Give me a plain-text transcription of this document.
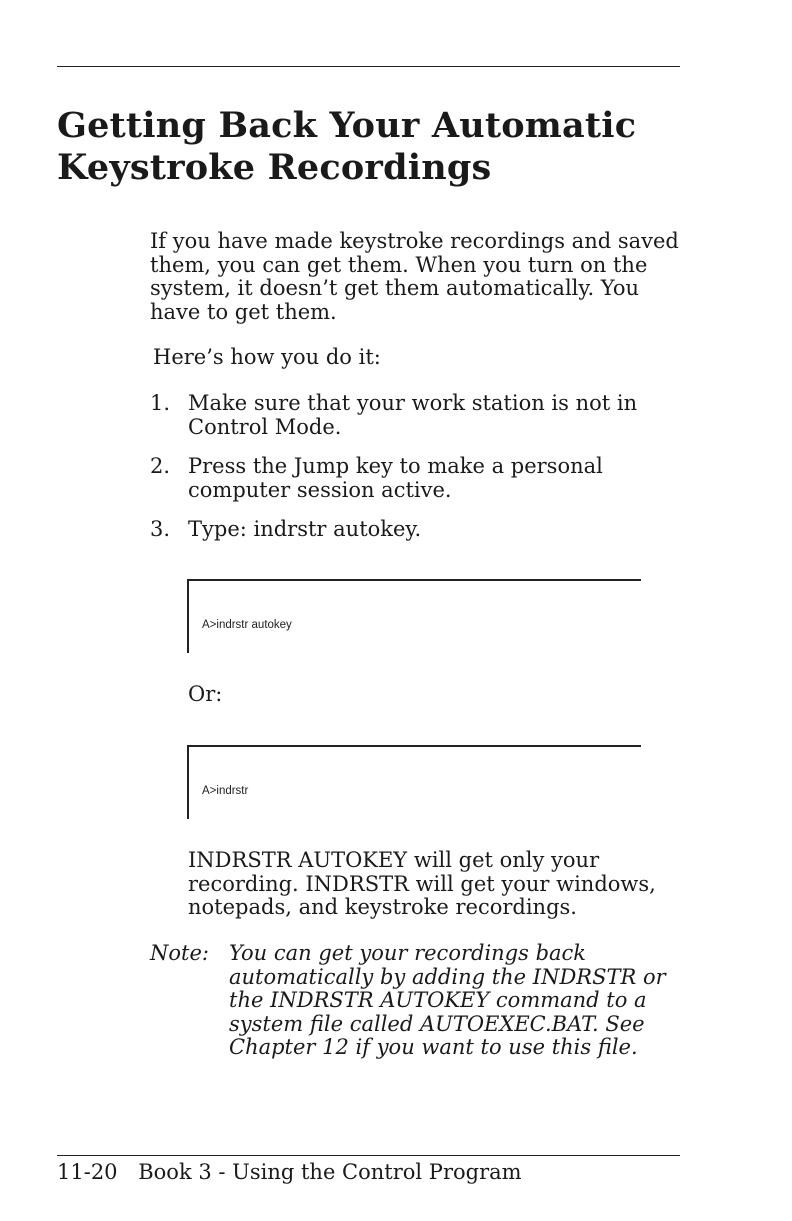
Getting Back Your Automatic
Keystroke Recordings

If you have made keystroke recordings and saved them, you can get them. When you turn on the system, it doesn’t get them automatically. You have to get them.

Here’s how you do it:

1. Make sure that your work station is not in Control Mode.
2. Press the Jump key to make a personal computer session active.
3. Type: indrstr autokey.
A>indrstr autokey

Or:

A>indrstr

INDRSTR AUTOKEY will get only your recording. INDRSTR will get your windows, notepads, and keystroke recordings.

Note: You can get your recordings back automatically by adding the INDRSTR or the INDRSTR AUTOKEY command to a system file called AUTOEXEC.BAT. See Chapter 12 if you want to use this file.

11-20 Book 3 - Using the Control Program
